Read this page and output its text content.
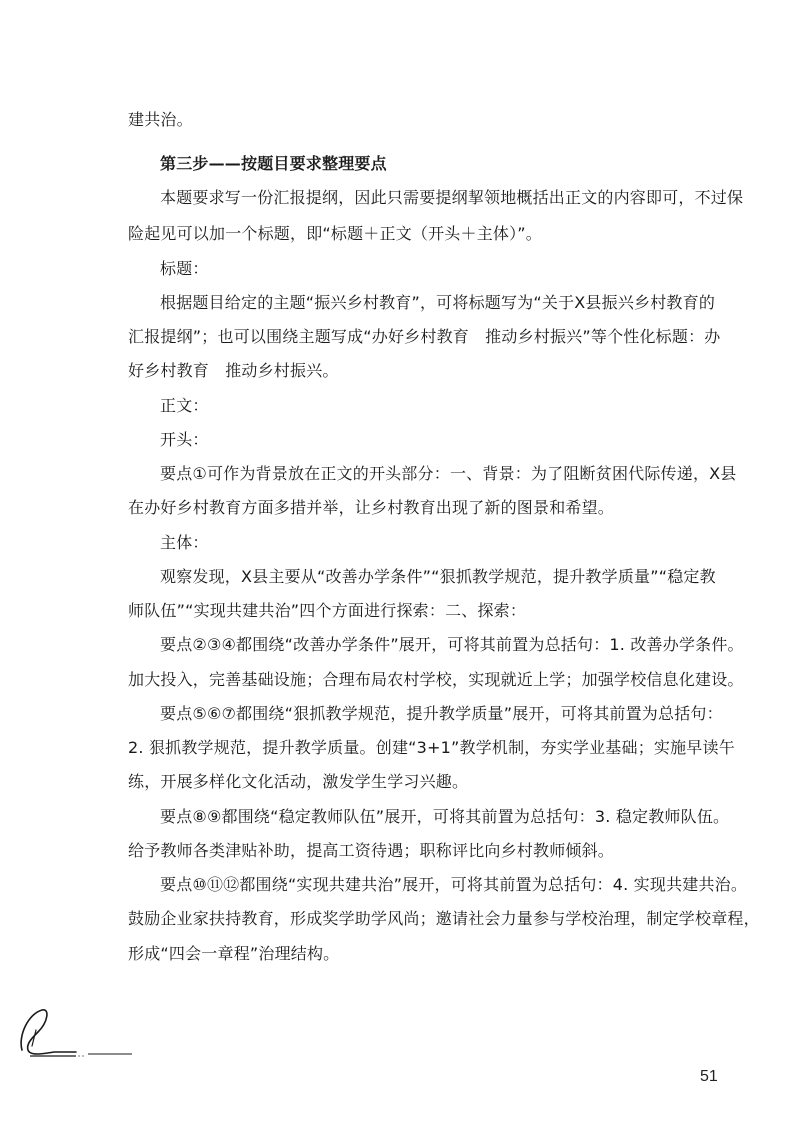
建共治。
第三步——按题目要求整理要点
本题要求写一份汇报提纲，因此只需要提纲挈领地概括出正文的内容即可，不过保
险起见可以加一个标题，即“标题＋正文（开头＋主体）”。
标题：
根据题目给定的主题“振兴乡村教育”，可将标题写为“关于X县振兴乡村教育的
汇报提纲”；也可以围绕主题写成“办好乡村教育　推动乡村振兴”等个性化标题：办
好乡村教育　推动乡村振兴。
正文：
开头：
要点①可作为背景放在正文的开头部分：一、背景：为了阻断贫困代际传递，X县
在办好乡村教育方面多措并举，让乡村教育出现了新的图景和希望。
主体：
观察发现，X县主要从“改善办学条件”“狠抓教学规范，提升教学质量”“稳定教
师队伍”“实现共建共治”四个方面进行探索：二、探索：
要点②③④都围绕“改善办学条件”展开，可将其前置为总括句：1. 改善办学条件。
加大投入，完善基础设施；合理布局农村学校，实现就近上学；加强学校信息化建设。
要点⑤⑥⑦都围绕“狠抓教学规范，提升教学质量”展开，可将其前置为总括句：
2. 狠抓教学规范，提升教学质量。创建“3+1”教学机制，夯实学业基础；实施早读午
练，开展多样化文化活动，激发学生学习兴趣。
要点⑧⑨都围绕“稳定教师队伍”展开，可将其前置为总括句：3. 稳定教师队伍。
给予教师各类津贴补助，提高工资待遇；职称评比向乡村教师倾斜。
要点⑩⑪⑫都围绕“实现共建共治”展开，可将其前置为总括句：4. 实现共建共治。
鼓励企业家扶持教育，形成奖学助学风尚；邀请社会力量参与学校治理，制定学校章程，
形成“四会一章程”治理结构。
51
